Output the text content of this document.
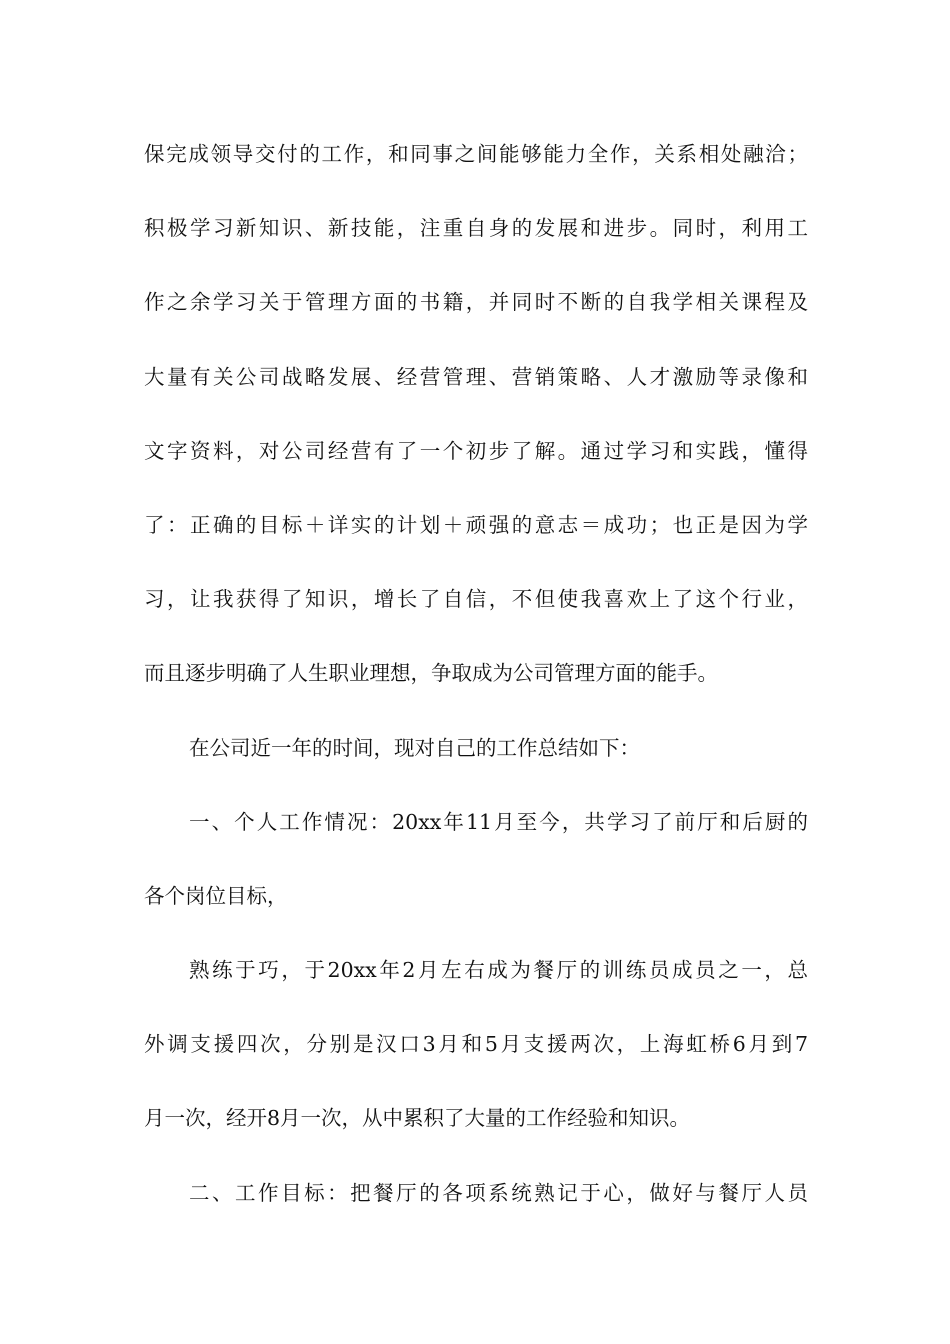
保完成领导交付的工作，和同事之间能够能力全作，关系相处融洽；
积极学习新知识、新技能，注重自身的发展和进步。同时，利用工
作之余学习关于管理方面的书籍，并同时不断的自我学相关课程及
大量有关公司战略发展、经营管理、营销策略、人才激励等录像和
文字资料，对公司经营有了一个初步了解。通过学习和实践，懂得
了：正确的目标＋详实的计划＋顽强的意志＝成功；也正是因为学
习，让我获得了知识，增长了自信，不但使我喜欢上了这个行业，
而且逐步明确了人生职业理想，争取成为公司管理方面的能手。
在公司近一年的时间，现对自己的工作总结如下：
一、个人工作情况：20xx年11月至今，共学习了前厅和后厨的
各个岗位目标，
熟练于巧，于20xx年2月左右成为餐厅的训练员成员之一，总
外调支援四次，分别是汉口3月和5月支援两次，上海虹桥6月到7
月一次，经开8月一次，从中累积了大量的工作经验和知识。
二、工作目标：把餐厅的各项系统熟记于心，做好与餐厅人员
